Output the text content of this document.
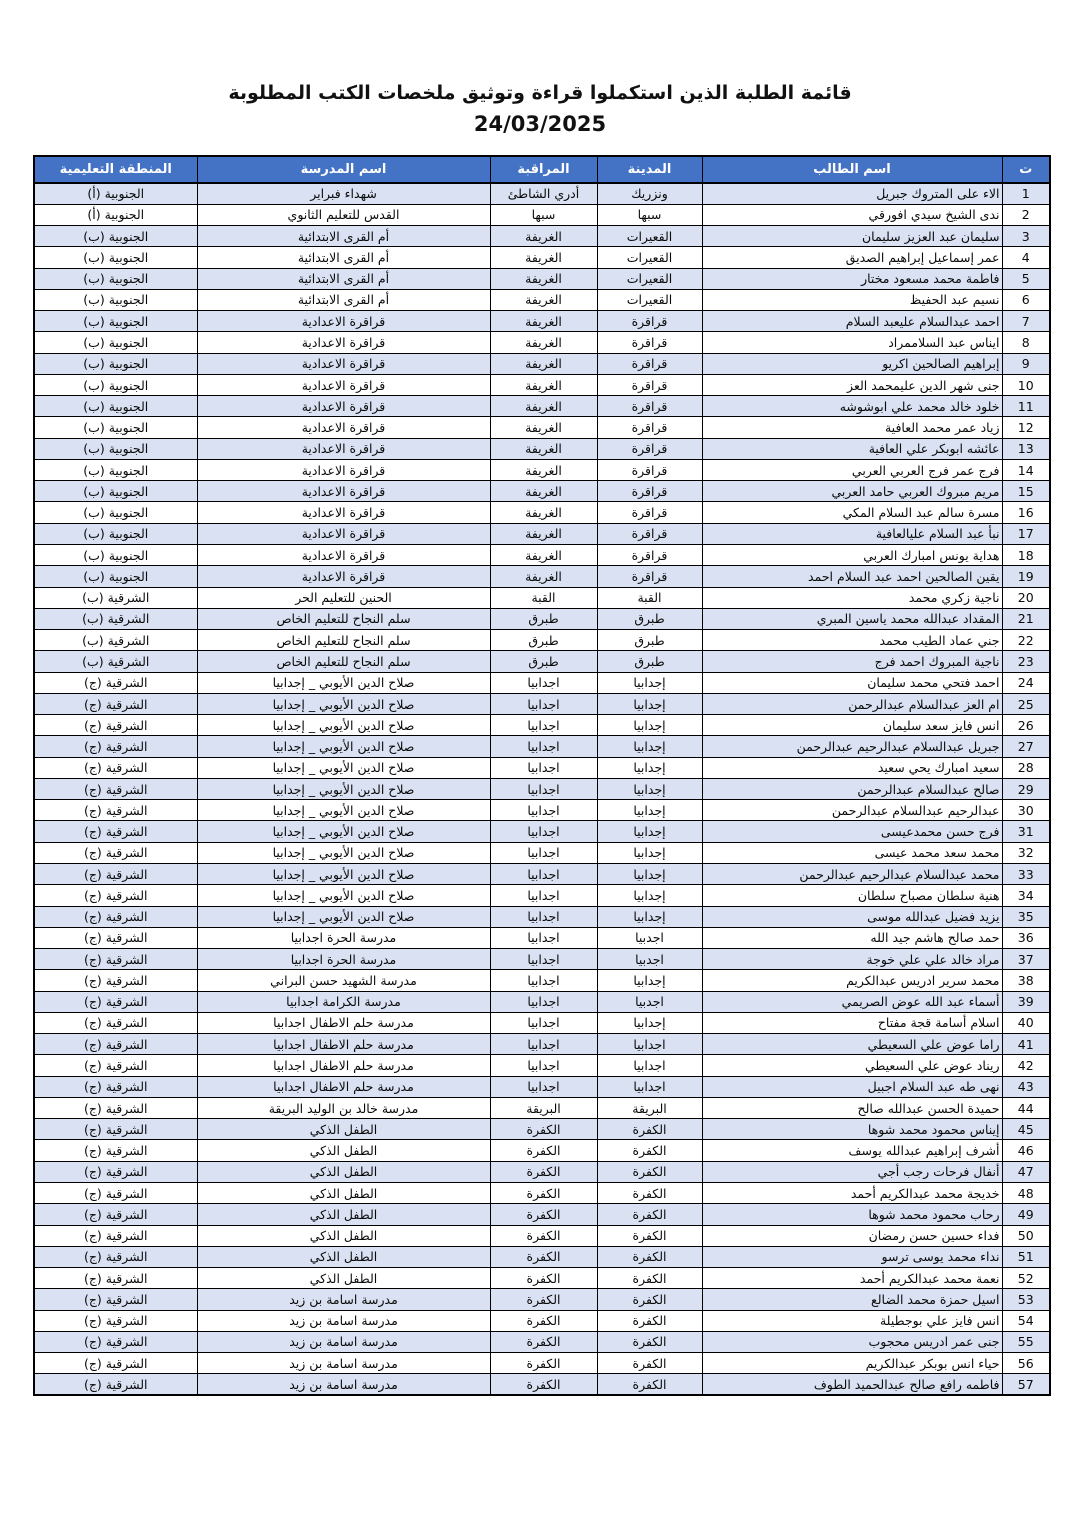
قائمة الطلبة الذين استكملوا قراءة وتوثيق ملخصات الكتب المطلوبة
24/03/2025
ت	اسم الطالب	المدينة	المراقبة	اسم المدرسة	المنطقة التعليمية
1	الاء على المتروك جبريل	ونزريك	أدري الشاطئ	شهداء فبراير	الجنوبية (أ)
2	ندى الشيخ سيدي افورقي	سبها	سبها	القدس للتعليم الثانوي	الجنوبية (أ)
3	سليمان عبد العزيز سليمان	القعيرات	الغريفة	أم القرى الابتدائية	الجنوبية (ب)
4	عمر إسماعيل إبراهيم الصديق	القعيرات	الغريفة	أم القرى الابتدائية	الجنوبية (ب)
5	فاطمة محمد مسعود مختار	القعيرات	الغريفة	أم القرى الابتدائية	الجنوبية (ب)
6	نسيم عبد الحفيظ	القعيرات	الغريفة	أم القرى الابتدائية	الجنوبية (ب)
7	احمد عبدالسلام عليعبد السلام	قراقرة	الغريفة	قراقرة الاعدادية	الجنوبية (ب)
8	ايناس عبد السلاممراد	قراقرة	الغريفة	قراقرة الاعدادية	الجنوبية (ب)
9	إبراهيم الصالحين اكريو	قراقرة	الغريفة	قراقرة الاعدادية	الجنوبية (ب)
10	جنى شهر الدين عليمحمد العز	قراقرة	الغريفة	قراقرة الاعدادية	الجنوبية (ب)
11	خلود خالد محمد علي ابوشوشه	قراقرة	الغريفة	قراقرة الاعدادية	الجنوبية (ب)
12	زياد عمر محمد العافية	قراقرة	الغريفة	قراقرة الاعدادية	الجنوبية (ب)
13	عائشه ابوبكر علي العافية	قراقرة	الغريفة	قراقرة الاعدادية	الجنوبية (ب)
14	فرج عمر فرج العربي العربي	قراقرة	الغريفة	قراقرة الاعدادية	الجنوبية (ب)
15	مريم مبروك العربي حامد العربي	قراقرة	الغريفة	قراقرة الاعدادية	الجنوبية (ب)
16	مسرة سالم عبد السلام المكي	قراقرة	الغريفة	قراقرة الاعدادية	الجنوبية (ب)
17	نبأ عبد السلام عليالعافية	قراقرة	الغريفة	قراقرة الاعدادية	الجنوبية (ب)
18	هداية يونس امبارك العربي	قراقرة	الغريفة	قراقرة الاعدادية	الجنوبية (ب)
19	يقين الصالحين احمد عبد السلام احمد	قراقرة	الغريفة	قراقرة الاعدادية	الجنوبية (ب)
20	ناجية زكري محمد	القبة	القبة	الحنين للتعليم الحر	الشرقية (ب)
21	المقداد عبدالله محمد ياسين المبري	طبرق	طبرق	سلم النجاح للتعليم الخاص	الشرقية (ب)
22	جني عماد الطيب محمد	طبرق	طبرق	سلم النجاح للتعليم الخاص	الشرقية (ب)
23	ناجية المبروك احمد فرج	طبرق	طبرق	سلم النجاح للتعليم الخاص	الشرقية (ب)
24	احمد فتحي محمد سليمان	إجدابيا	اجدابيا	صلاح الدين الأيوبي _ إجدابيا	الشرقية (ج)
25	ام العز عبدالسلام عبدالرحمن	إجدابيا	اجدابيا	صلاح الدين الأيوبي _ إجدابيا	الشرقية (ج)
26	انس فايز سعد سليمان	إجدابيا	اجدابيا	صلاح الدين الأيوبي _ إجدابيا	الشرقية (ج)
27	جبريل عبدالسلام عبدالرحيم عبدالرحمن	إجدابيا	اجدابيا	صلاح الدين الأيوبي _ إجدابيا	الشرقية (ج)
28	سعيد امبارك يحي سعيد	إجدابيا	اجدابيا	صلاح الدين الأيوبي _ إجدابيا	الشرقية (ج)
29	صالح عبدالسلام عبدالرحمن	إجدابيا	اجدابيا	صلاح الدين الأيوبي _ إجدابيا	الشرقية (ج)
30	عبدالرحيم عبدالسلام عبدالرحمن	إجدابيا	اجدابيا	صلاح الدين الأيوبي _ إجدابيا	الشرقية (ج)
31	فرج حسن محمدعيسى	إجدابيا	اجدابيا	صلاح الدين الأيوبي _ إجدابيا	الشرقية (ج)
32	محمد سعد محمد عيسى	إجدابيا	اجدابيا	صلاح الدين الأيوبي _ إجدابيا	الشرقية (ج)
33	محمد عبدالسلام عبدالرحيم عبدالرحمن	إجدابيا	اجدابيا	صلاح الدين الأيوبي _ إجدابيا	الشرقية (ج)
34	هنية سلطان مصباح سلطان	إجدابيا	اجدابيا	صلاح الدين الأيوبي _ إجدابيا	الشرقية (ج)
35	يزيد فضيل عبدالله موسى	إجدابيا	اجدابيا	صلاح الدين الأيوبي _ إجدابيا	الشرقية (ج)
36	حمد صالح هاشم جيد الله	اجدبيا	اجدابيا	مدرسة الحرة اجدابيا	الشرقية (ج)
37	مراد خالد علي علي خوجة	اجدبيا	اجدابيا	مدرسة الحرة اجدابيا	الشرقية (ج)
38	محمد سرير ادريس عبدالكريم	إجدابيا	اجدابيا	مدرسة الشهيد حسن البراني	الشرقية (ج)
39	أسماء عبد الله عوض الصريمي	اجدبيا	اجدابيا	مدرسة الكرامة اجدابيا	الشرقية (ج)
40	اسلام أسامة قجة مفتاح	إجدابيا	اجدابيا	مدرسة حلم الاطفال اجدابيا	الشرقية (ج)
41	راما عوض علي السعيطي	اجدابيا	اجدابيا	مدرسة حلم الاطفال اجدابيا	الشرقية (ج)
42	ريناد عوض علي السعيطي	اجدابيا	اجدابيا	مدرسة حلم الاطفال اجدابيا	الشرقية (ج)
43	نهى طه عبد السلام اجبيل	اجدابيا	اجدابيا	مدرسة حلم الاطفال اجدابيا	الشرقية (ج)
44	حميدة الحسن عبدالله صالح	البريقة	البريقة	مدرسة خالد بن الوليد البريقة	الشرقية (ج)
45	إيناس محمود محمد شوها	الكفرة	الكفرة	الطفل الذكي	الشرقية (ج)
46	أشرف إبراهيم عبدالله يوسف	الكفرة	الكفرة	الطفل الذكي	الشرقية (ج)
47	أنفال فرحات رجب أجي	الكفرة	الكفرة	الطفل الذكي	الشرقية (ج)
48	خديجة محمد عبدالكريم أحمد	الكفرة	الكفرة	الطفل الذكي	الشرقية (ج)
49	رحاب محمود محمد شوها	الكفرة	الكفرة	الطفل الذكي	الشرقية (ج)
50	فداء حسين حسن رمضان	الكفرة	الكفرة	الطفل الذكي	الشرقية (ج)
51	نداء محمد يوسى ترسو	الكفرة	الكفرة	الطفل الذكي	الشرقية (ج)
52	نعمة محمد عبدالكريم أحمد	الكفرة	الكفرة	الطفل الذكي	الشرقية (ج)
53	اسيل حمزة محمد الضالع	الكفرة	الكفرة	مدرسة اسامة بن زيد	الشرقية (ج)
54	انس فايز علي بوجطيلة	الكفرة	الكفرة	مدرسة اسامة بن زيد	الشرقية (ج)
55	جنى عمر ادريس محجوب	الكفرة	الكفرة	مدرسة اسامة بن زيد	الشرقية (ج)
56	حياء انس بوبكر عبدالكريم	الكفرة	الكفرة	مدرسة اسامة بن زيد	الشرقية (ج)
57	فاطمه رافع صالح عبدالحميد الطوف	الكفرة	الكفرة	مدرسة اسامة بن زيد	الشرقية (ج)
